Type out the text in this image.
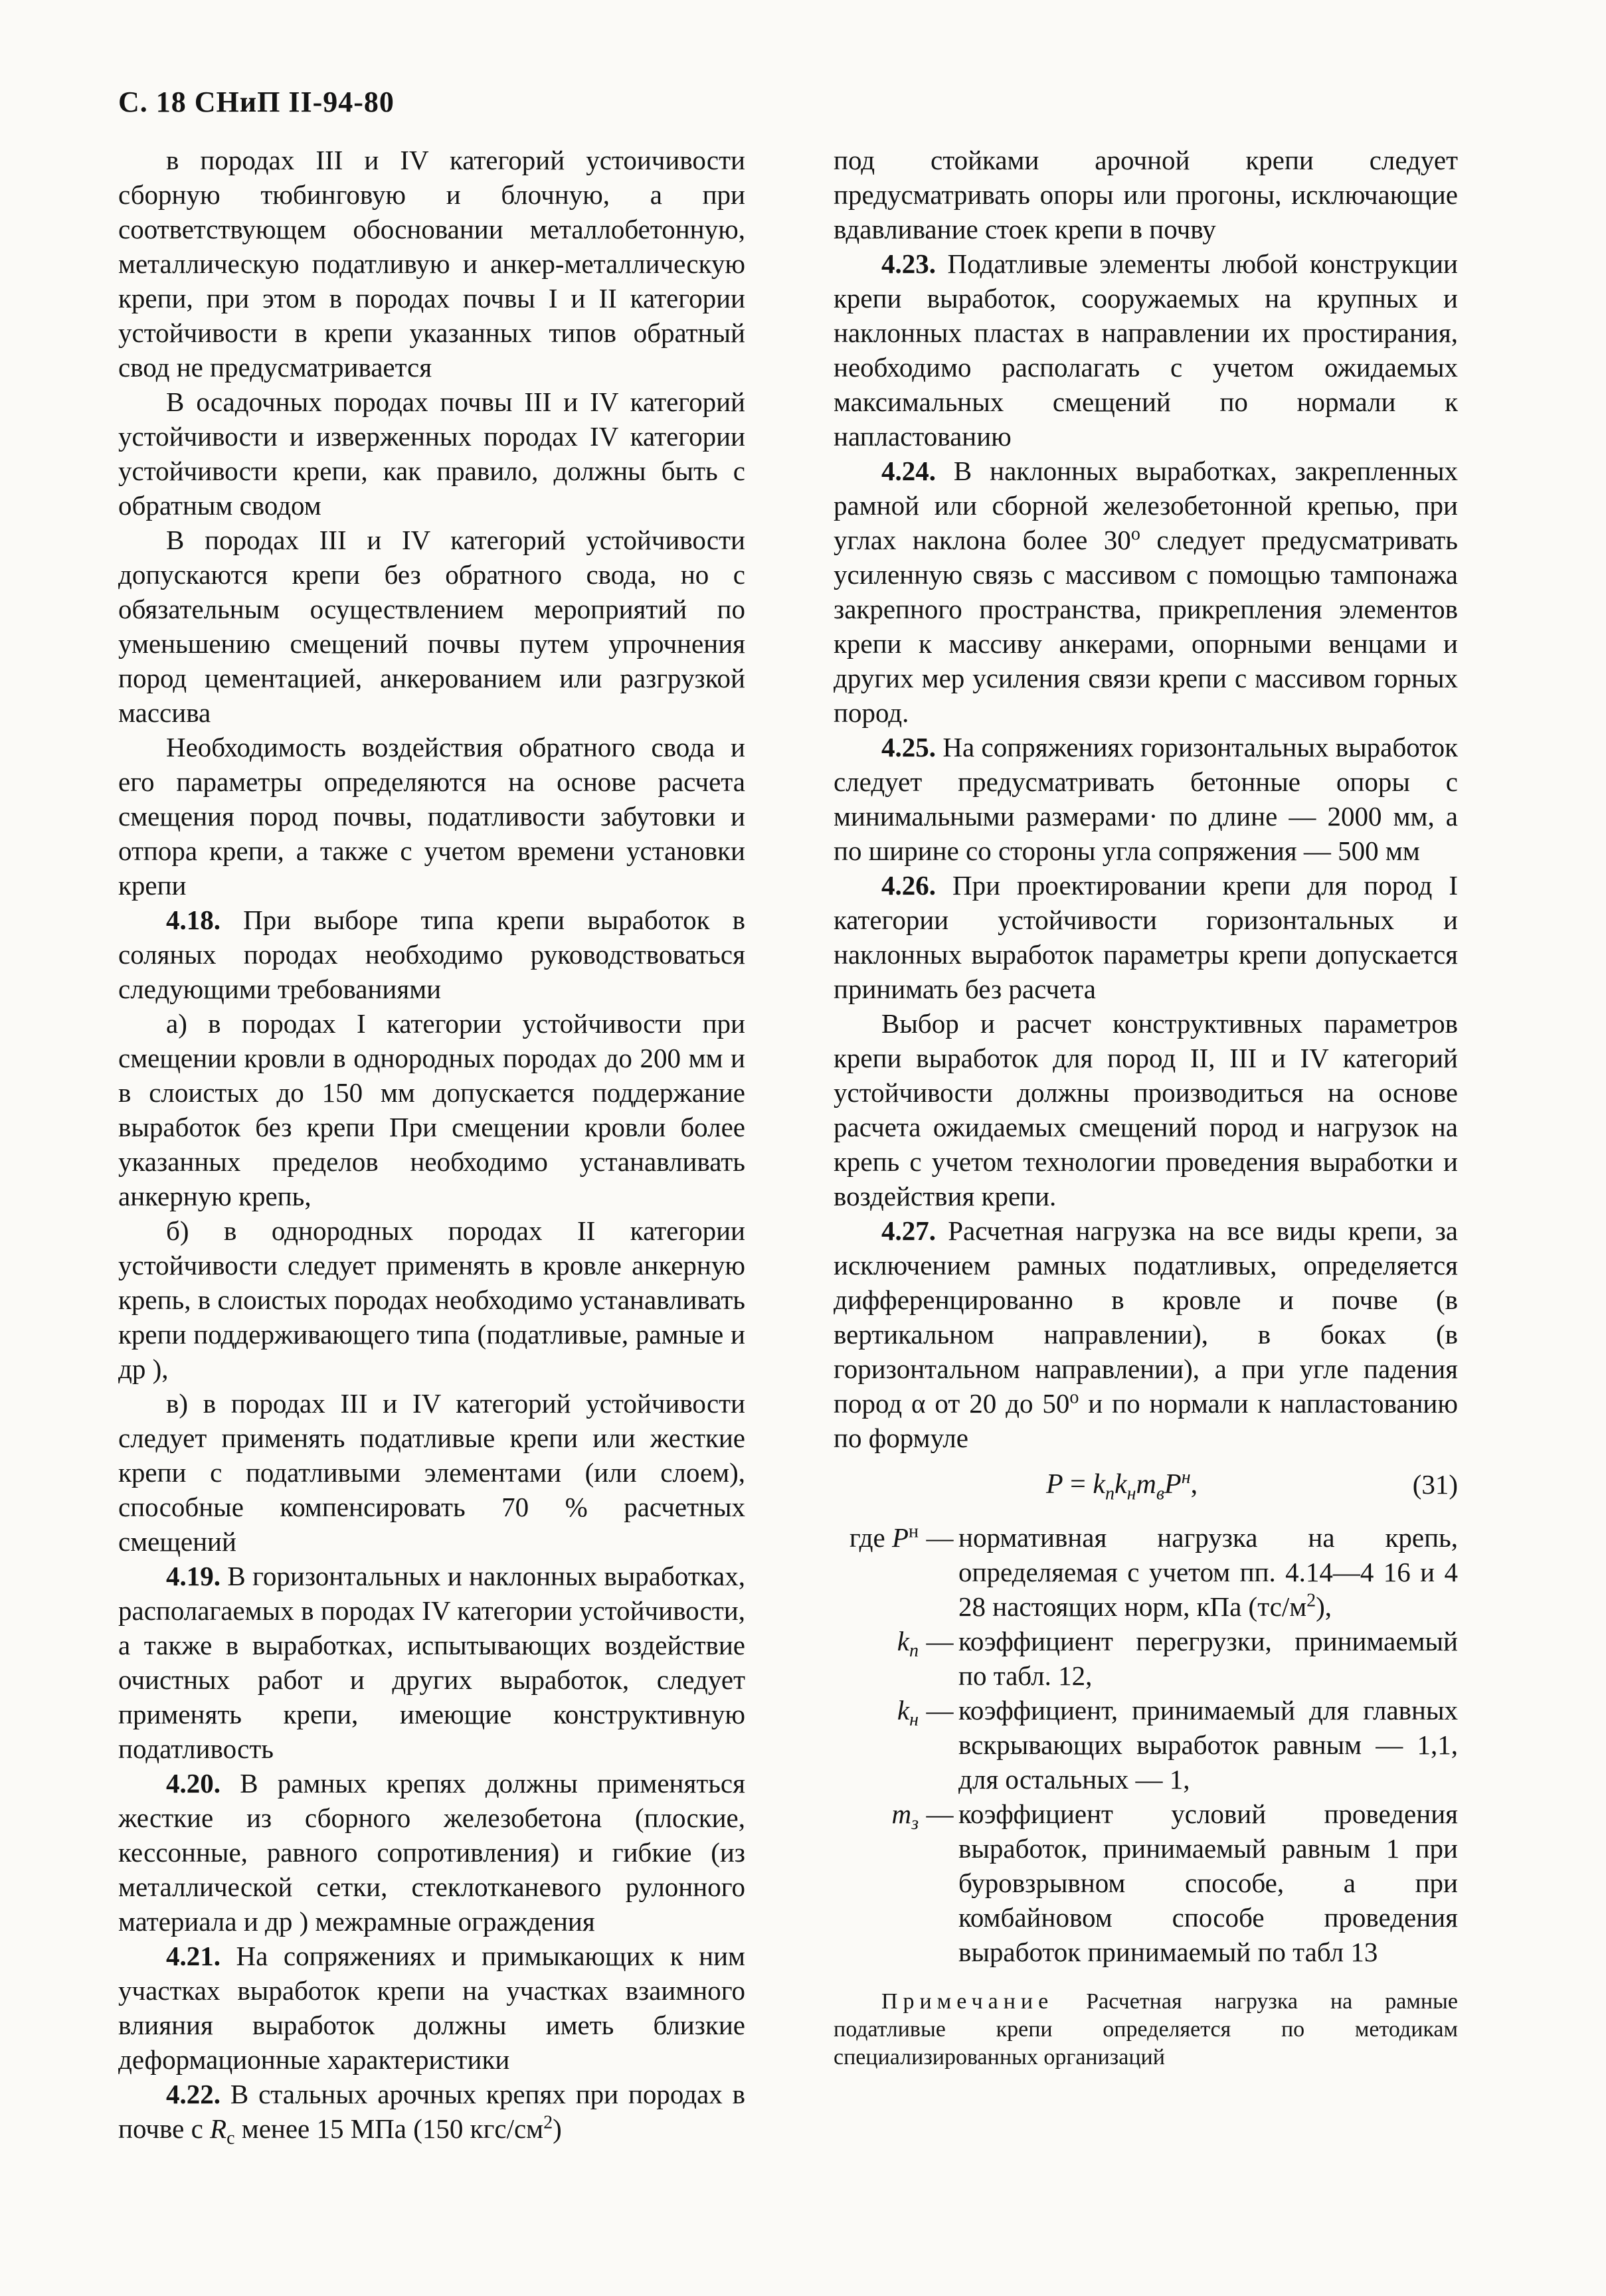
С. 18 СНиП II-94-80

в породах III и IV категорий устоичивости сборную тюбинговую и блочную, а при соответствующем обосновании металлобетонную, металлическую податливую и анкер-металлическую крепи, при этом в породах почвы I и II категории устойчивости в крепи указанных типов обратный свод не предусматривается

В осадочных породах почвы III и IV категорий устойчивости и изверженных породах IV категории устойчивости крепи, как правило, должны быть с обратным сводом

В породах III и IV категорий устойчивости допускаются крепи без обратного свода, но с обязательным осуществлением мероприятий по уменьшению смещений почвы путем упрочнения пород цементацией, анкерованием или разгрузкой массива

Необходимость воздействия обратного свода и его параметры определяются на основе расчета смещения пород почвы, податливости забутовки и отпора крепи, а также с учетом времени установки крепи

4.18. При выборе типа крепи выработок в соляных породах необходимо руководствоваться следующими требованиями

а) в породах I категории устойчивости при смещении кровли в однородных породах до 200 мм и в слоистых до 150 мм допускается поддержание выработок без крепи При смещении кровли более указанных пределов необходимо устанавливать анкерную крепь,

б) в однородных породах II категории устойчивости следует применять в кровле анкерную крепь, в слоистых породах необходимо устанавливать крепи поддерживающего типа (податливые, рамные и др ),

в) в породах III и IV категорий устойчивости следует применять податливые крепи или жесткие крепи с податливыми элементами (или слоем), способные компенсировать 70 % расчетных смещений

4.19. В горизонтальных и наклонных выработках, располагаемых в породах IV категории устойчивости, а также в выработках, испытывающих воздействие очистных работ и других выработок, следует применять крепи, имеющие конструктивную податливость

4.20. В рамных крепях должны применяться жесткие из сборного железобетона (плоские, кессонные, равного сопротивления) и гибкие (из металлической сетки, стеклотканевого рулонного материала и др ) межрамные ограждения

4.21. На сопряжениях и примыкающих к ним участках выработок крепи на участках взаимного влияния выработок должны иметь близкие деформационные характеристики

4.22. В стальных арочных крепях при породах в почве с $R_с$ менее 15 МПа (150 кгс/$см^2$)

под стойками арочной крепи следует предусматривать опоры или прогоны, исключающие вдавливание стоек крепи в почву

4.23. Податливые элементы любой конструкции крепи выработок, сооружаемых на крупных и наклонных пластах в направлении их простирания, необходимо располагать с учетом ожидаемых максимальных смещений по нормали к напластованию

4.24. В наклонных выработках, закрепленных рамной или сборной железобетонной крепью, при углах наклона более $30^о$ следует предусматривать усиленную связь с массивом с помощью тампонажа закрепного пространства, прикрепления элементов крепи к массиву анкерами, опорными венцами и других мер усиления связи крепи с массивом горных пород.

4.25. На сопряжениях горизонтальных выработок следует предусматривать бетонные опоры с минимальными размерами· по длине — 2000 мм, а по ширине со стороны угла сопряжения — 500 мм

4.26. При проектировании крепи для пород I категории устойчивости горизонтальных и наклонных выработок параметры крепи допускается принимать без расчета

Выбор и расчет конструктивных параметров крепи выработок для пород II, III и IV категорий устойчивости должны производиться на основе расчета ожидаемых смещений пород и нагрузок на крепь с учетом технологии проведения выработки и воздействия крепи.

4.27. Расчетная нагрузка на все виды крепи, за исключением рамных податливых, определяется дифференцированно в кровле и почве (в вертикальном направлении), в боках (в горизонтальном направлении), а при угле падения пород α от 20 до $50^о$ и по нормали к напластованию по формуле

$P = k_пk_нm_вP^н$,	(31)
где $P^н$ — нормативная нагрузка на крепь, определяемая с учетом пп. 4.14—4 16 и 4 28 настоящих норм, кПа $(тс/м^2)$,
$k_п$ — коэффициент перегрузки, принимаемый по табл. 12,
$k_н$ — коэффициент, принимаемый для главных вскрывающих выработок равным — 1,1, для остальных — 1,
$m_з$ — коэффициент условий проведения выработок, принимаемый равным 1 при буровзрывном способе, а при комбайновом способе проведения выработок принимаемый по табл 13
Примечание Расчетная нагрузка на рамные податливые крепи определяется по методикам специализированных организаций
